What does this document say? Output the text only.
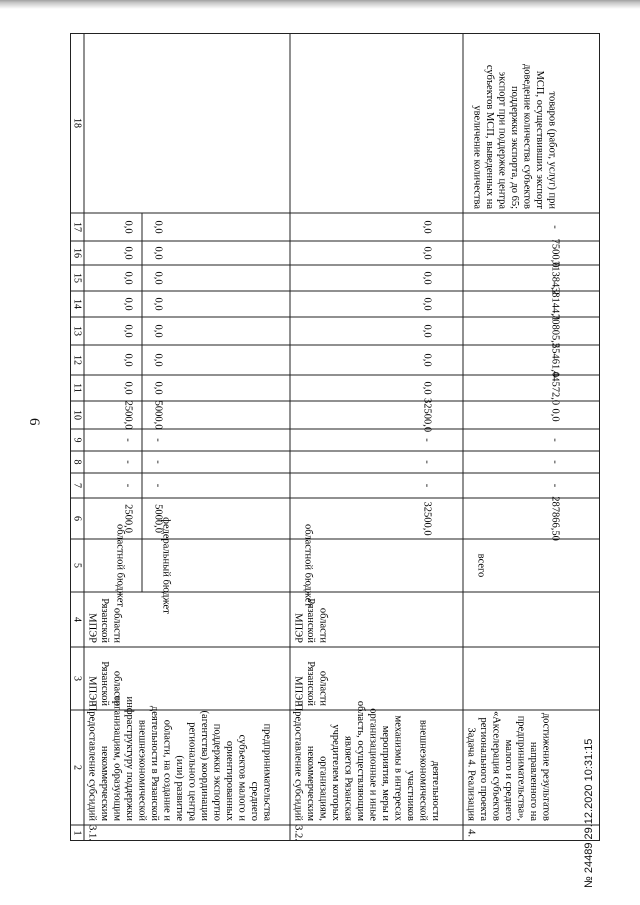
6
18
17
16
15
14
13
12
11
10
9
8
7
6
5
4
3
2
1 3.1.
Предоставление субсидий некоммерческим организациям, образующим инфраструктуру поддержки внешнеэкономической деятельности в Рязанской области, на создание и (или) развитие регионального центра (агентства) координации поддержки экспортно ориентированных субъектов малого и среднего предпринимательства
МПЭР Рязанской области
МПЭР Рязанской области
областной бюджет
2500,0
-
-
-
2500,0
0,0
0,0
0,0
0,0
0,0
0,0
0,0
федеральный бюджет
5000,0
-
-
-
5000,0
0,0
0,0
0,0
0,0
0,0
0,0
0,0
3.2.
Предоставление субсидий некоммерческим организациям, учредителем которых является Рязанская область, осуществляющим организационные и иные мероприятия, меры и механизмы в интересах участников внешнеэкономической деятельности
МПЭР Рязанской области
МПЭР Рязанской области
областной бюджет
32500,0
-
-
-
32500,0
0,0
0,0
0,0
0,0
0,0
0,0
0,0
4.
Задача 4. Реализация регионального проекта «Акселерация субъектов малого и среднего предпринимательства», направленного на достижение результатов
всего
287866,50
-
-
-
0,0
44572,0
55461,0
70805,2
38144,1
71384,2
7500,0
-
увеличение количества субъектов МСП, выведенных на экспорт при поддержке центра поддержки экспорта, до 65; доведение количества субъектов МСП, осуществивших экспорт товаров (работ, услуг) при
№ 24489 29.12.2020 10:31:15
